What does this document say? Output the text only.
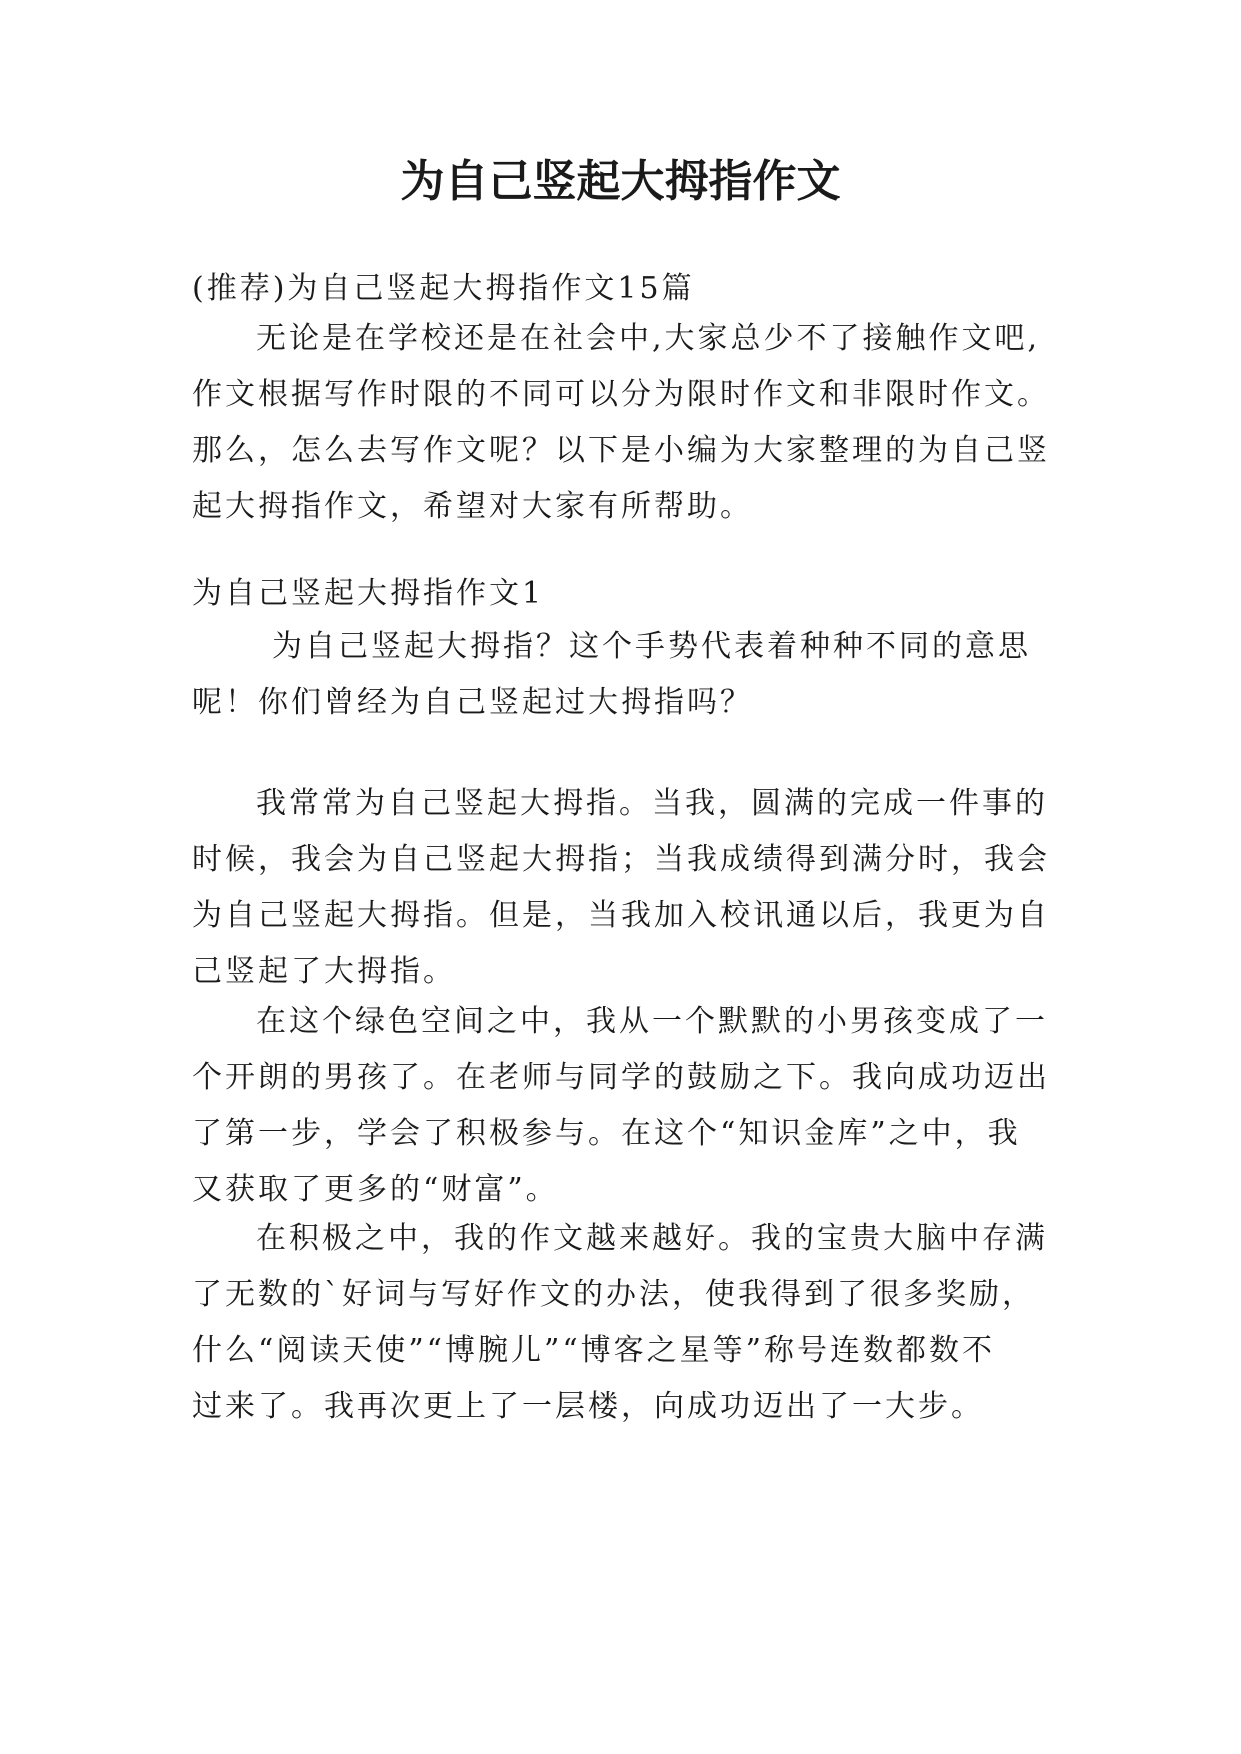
为自己竖起大拇指作文
(推荐)为自己竖起大拇指作文15篇
无论是在学校还是在社会中,大家总少不了接触作文吧,
作文根据写作时限的不同可以分为限时作文和非限时作文。
那么，怎么去写作文呢？以下是小编为大家整理的为自己竖
起大拇指作文，希望对大家有所帮助。
为自己竖起大拇指作文1
为自己竖起大拇指？这个手势代表着种种不同的意思
呢！你们曾经为自己竖起过大拇指吗？
我常常为自己竖起大拇指。当我，圆满的完成一件事的
时候，我会为自己竖起大拇指；当我成绩得到满分时，我会
为自己竖起大拇指。但是，当我加入校讯通以后，我更为自
己竖起了大拇指。
在这个绿色空间之中，我从一个默默的小男孩变成了一
个开朗的男孩了。在老师与同学的鼓励之下。我向成功迈出
了第一步，学会了积极参与。在这个“知识金库”之中，我
又获取了更多的“财富”。
在积极之中，我的作文越来越好。我的宝贵大脑中存满
了无数的`好词与写好作文的办法，使我得到了很多奖励，
什么“阅读天使”“博腕儿”“博客之星等”称号连数都数不
过来了。我再次更上了一层楼，向成功迈出了一大步。
